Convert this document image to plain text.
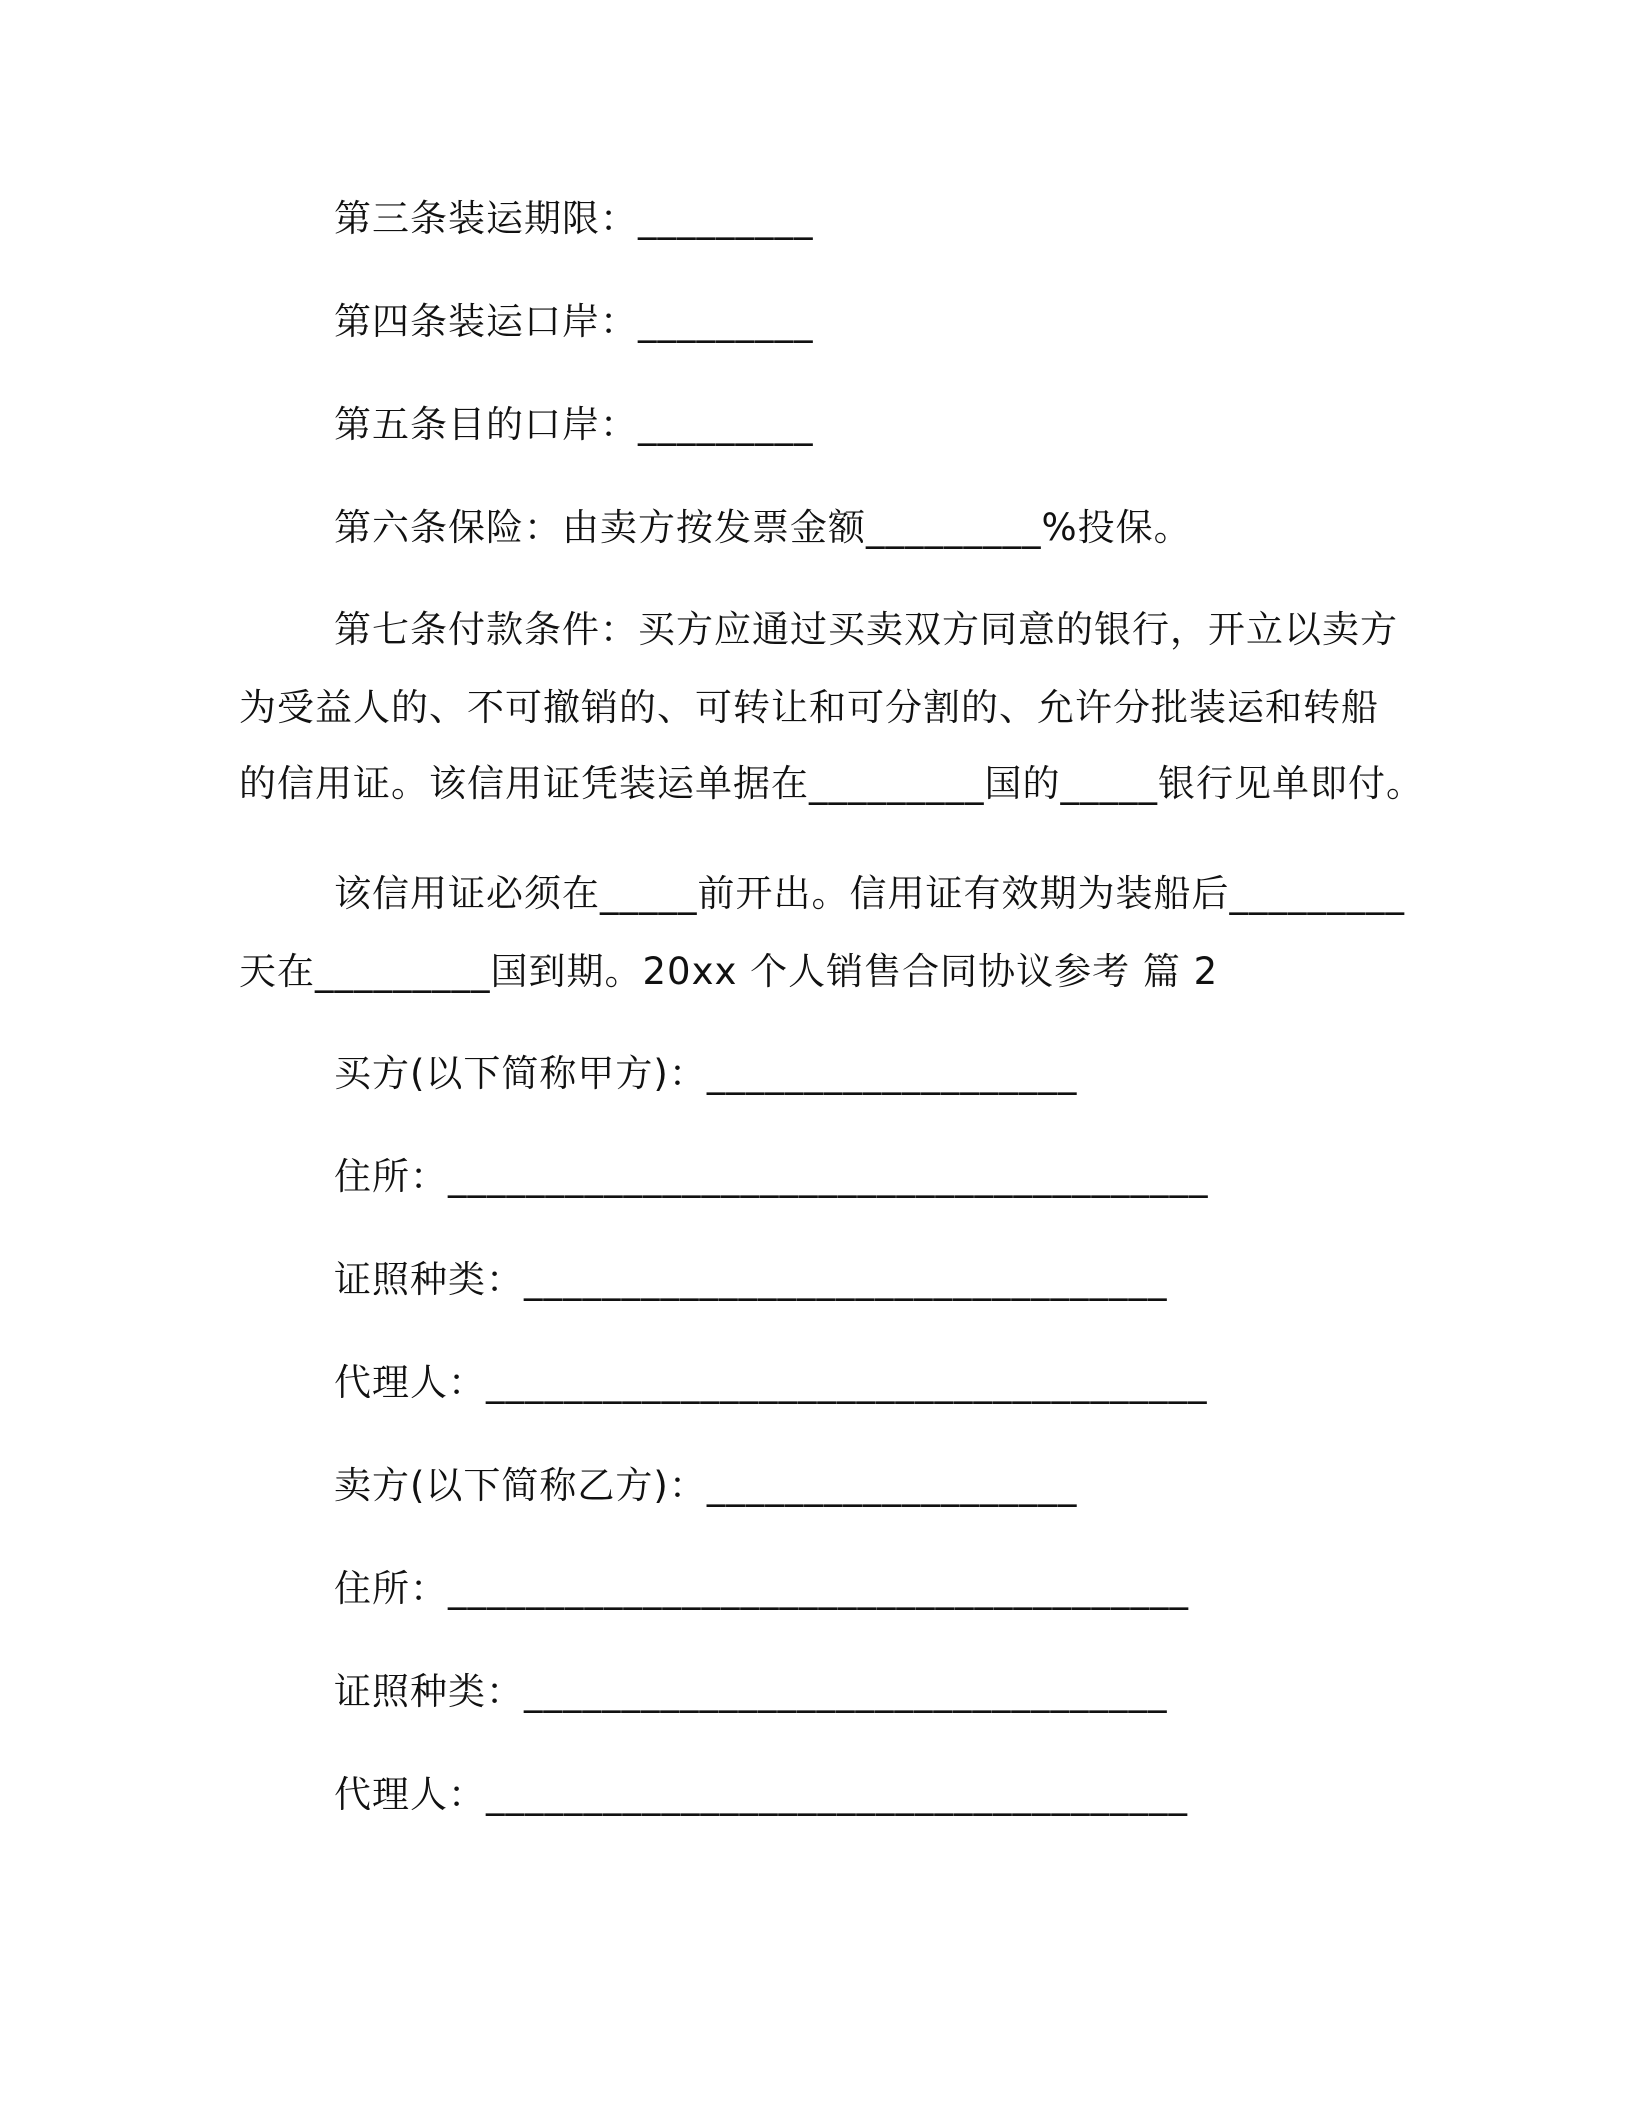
第三条装运期限：_________
第四条装运口岸：_________
第五条目的口岸：_________
第六条保险：由卖方按发票金额_________%投保。
第七条付款条件：买方应通过买卖双方同意的银行，开立以卖方
为受益人的、不可撤销的、可转让和可分割的、允许分批装运和转船
的信用证。该信用证凭装运单据在_________国的_____银行见单即付。
该信用证必须在_____前开出。信用证有效期为装船后_________
天在_________国到期。20xx 个人销售合同协议参考 篇 2
买方(以下简称甲方)：___________________
住所：_______________________________________
证照种类：_________________________________
代理人：_____________________________________
卖方(以下简称乙方)：___________________
住所：______________________________________
证照种类：_________________________________
代理人：____________________________________
